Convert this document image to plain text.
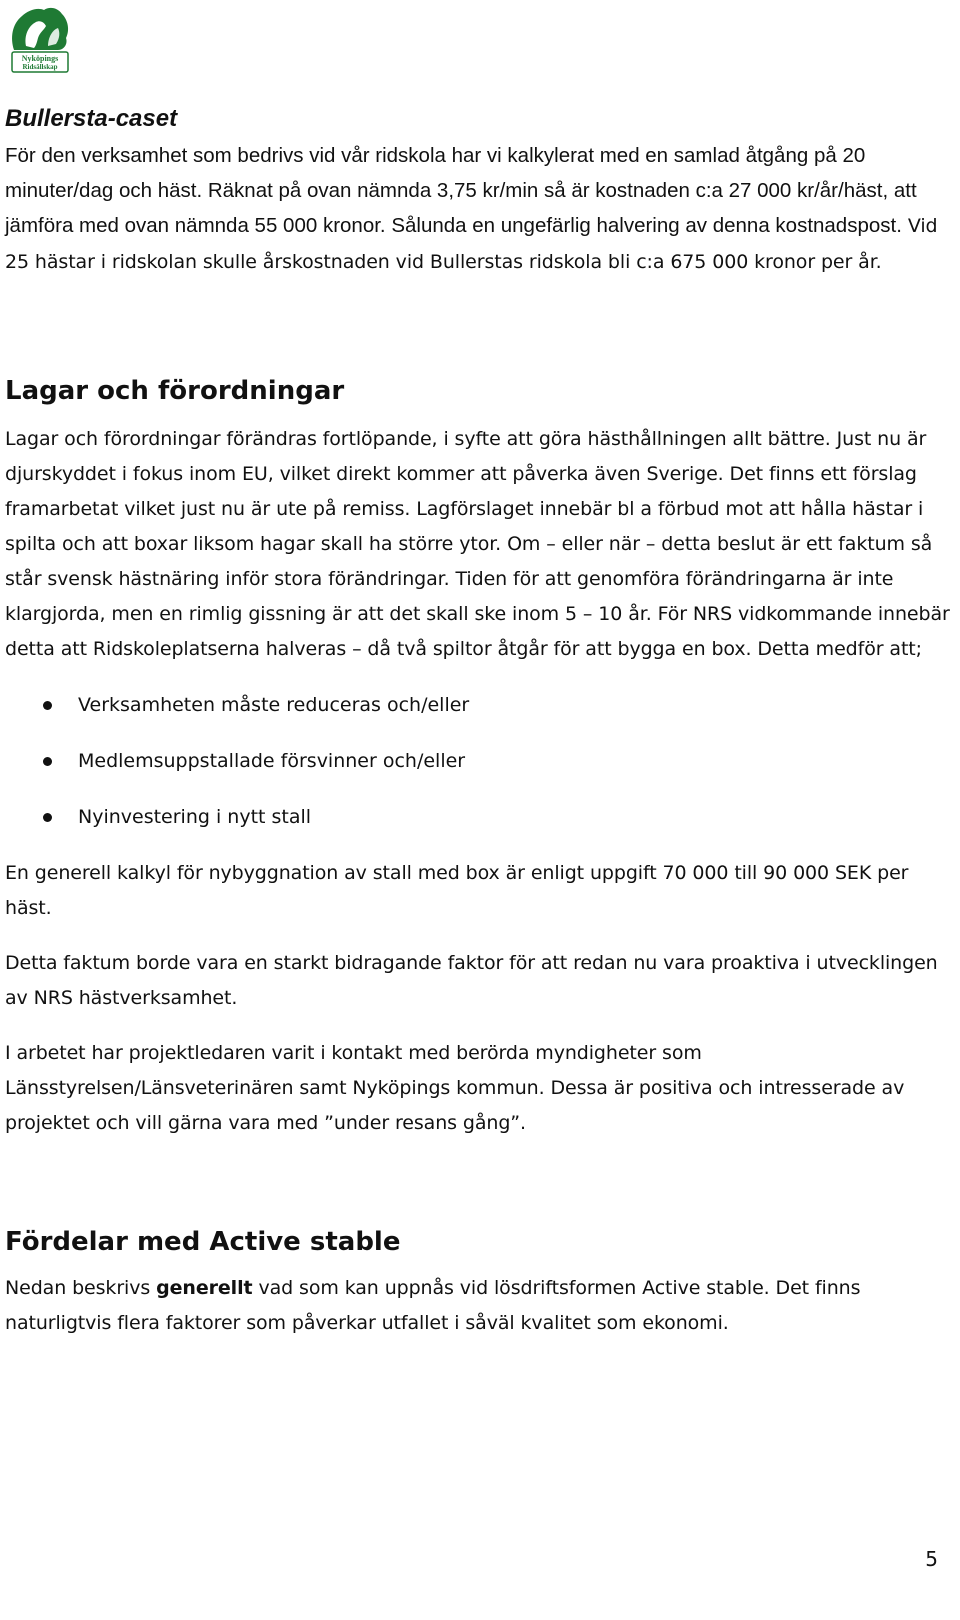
Nyköpings
Ridsällskap
Bullersta-caset

För den verksamhet som bedrivs vid vår ridskola har vi kalkylerat med en samlad åtgång på 20 minuter/dag och häst. Räknat på ovan nämnda 3,75 kr/min så är kostnaden c:a 27 000 kr/år/häst, att jämföra med ovan nämnda 55 000 kronor. Sålunda en ungefärlig halvering av denna kostnadspost. Vid 25 hästar i ridskolan skulle årskostnaden vid Bullerstas ridskola bli c:a 675 000 kronor per år.

Lagar och förordningar

Lagar och förordningar förändras fortlöpande, i syfte att göra hästhållningen allt bättre. Just nu är djurskyddet i fokus inom EU, vilket direkt kommer att påverka även Sverige. Det finns ett förslag framarbetat vilket just nu är ute på remiss. Lagförslaget innebär bl a förbud mot att hålla hästar i spilta och att boxar liksom hagar skall ha större ytor. Om – eller när – detta beslut är ett faktum så står svensk hästnäring inför stora förändringar. Tiden för att genomföra förändringarna är inte klargjorda, men en rimlig gissning är att det skall ske inom 5 – 10 år. För NRS vidkommande innebär detta att Ridskoleplatserna halveras – då två spiltor åtgår för att bygga en box. Detta medför att;

Verksamheten måste reduceras och/eller
Medlemsuppstallade försvinner och/eller
Nyinvestering i nytt stall

En generell kalkyl för nybyggnation av stall med box är enligt uppgift 70 000 till 90 000 SEK per häst.

Detta faktum borde vara en starkt bidragande faktor för att redan nu vara proaktiva i utvecklingen av NRS hästverksamhet.

I arbetet har projektledaren varit i kontakt med berörda myndigheter som Länsstyrelsen/Länsveterinären samt Nyköpings kommun. Dessa är positiva och intresserade av projektet och vill gärna vara med ”under resans gång”.

Fördelar med Active stable

Nedan beskrivs generellt vad som kan uppnås vid lösdriftsformen Active stable. Det finns naturligtvis flera faktorer som påverkar utfallet i såväl kvalitet som ekonomi.

5
